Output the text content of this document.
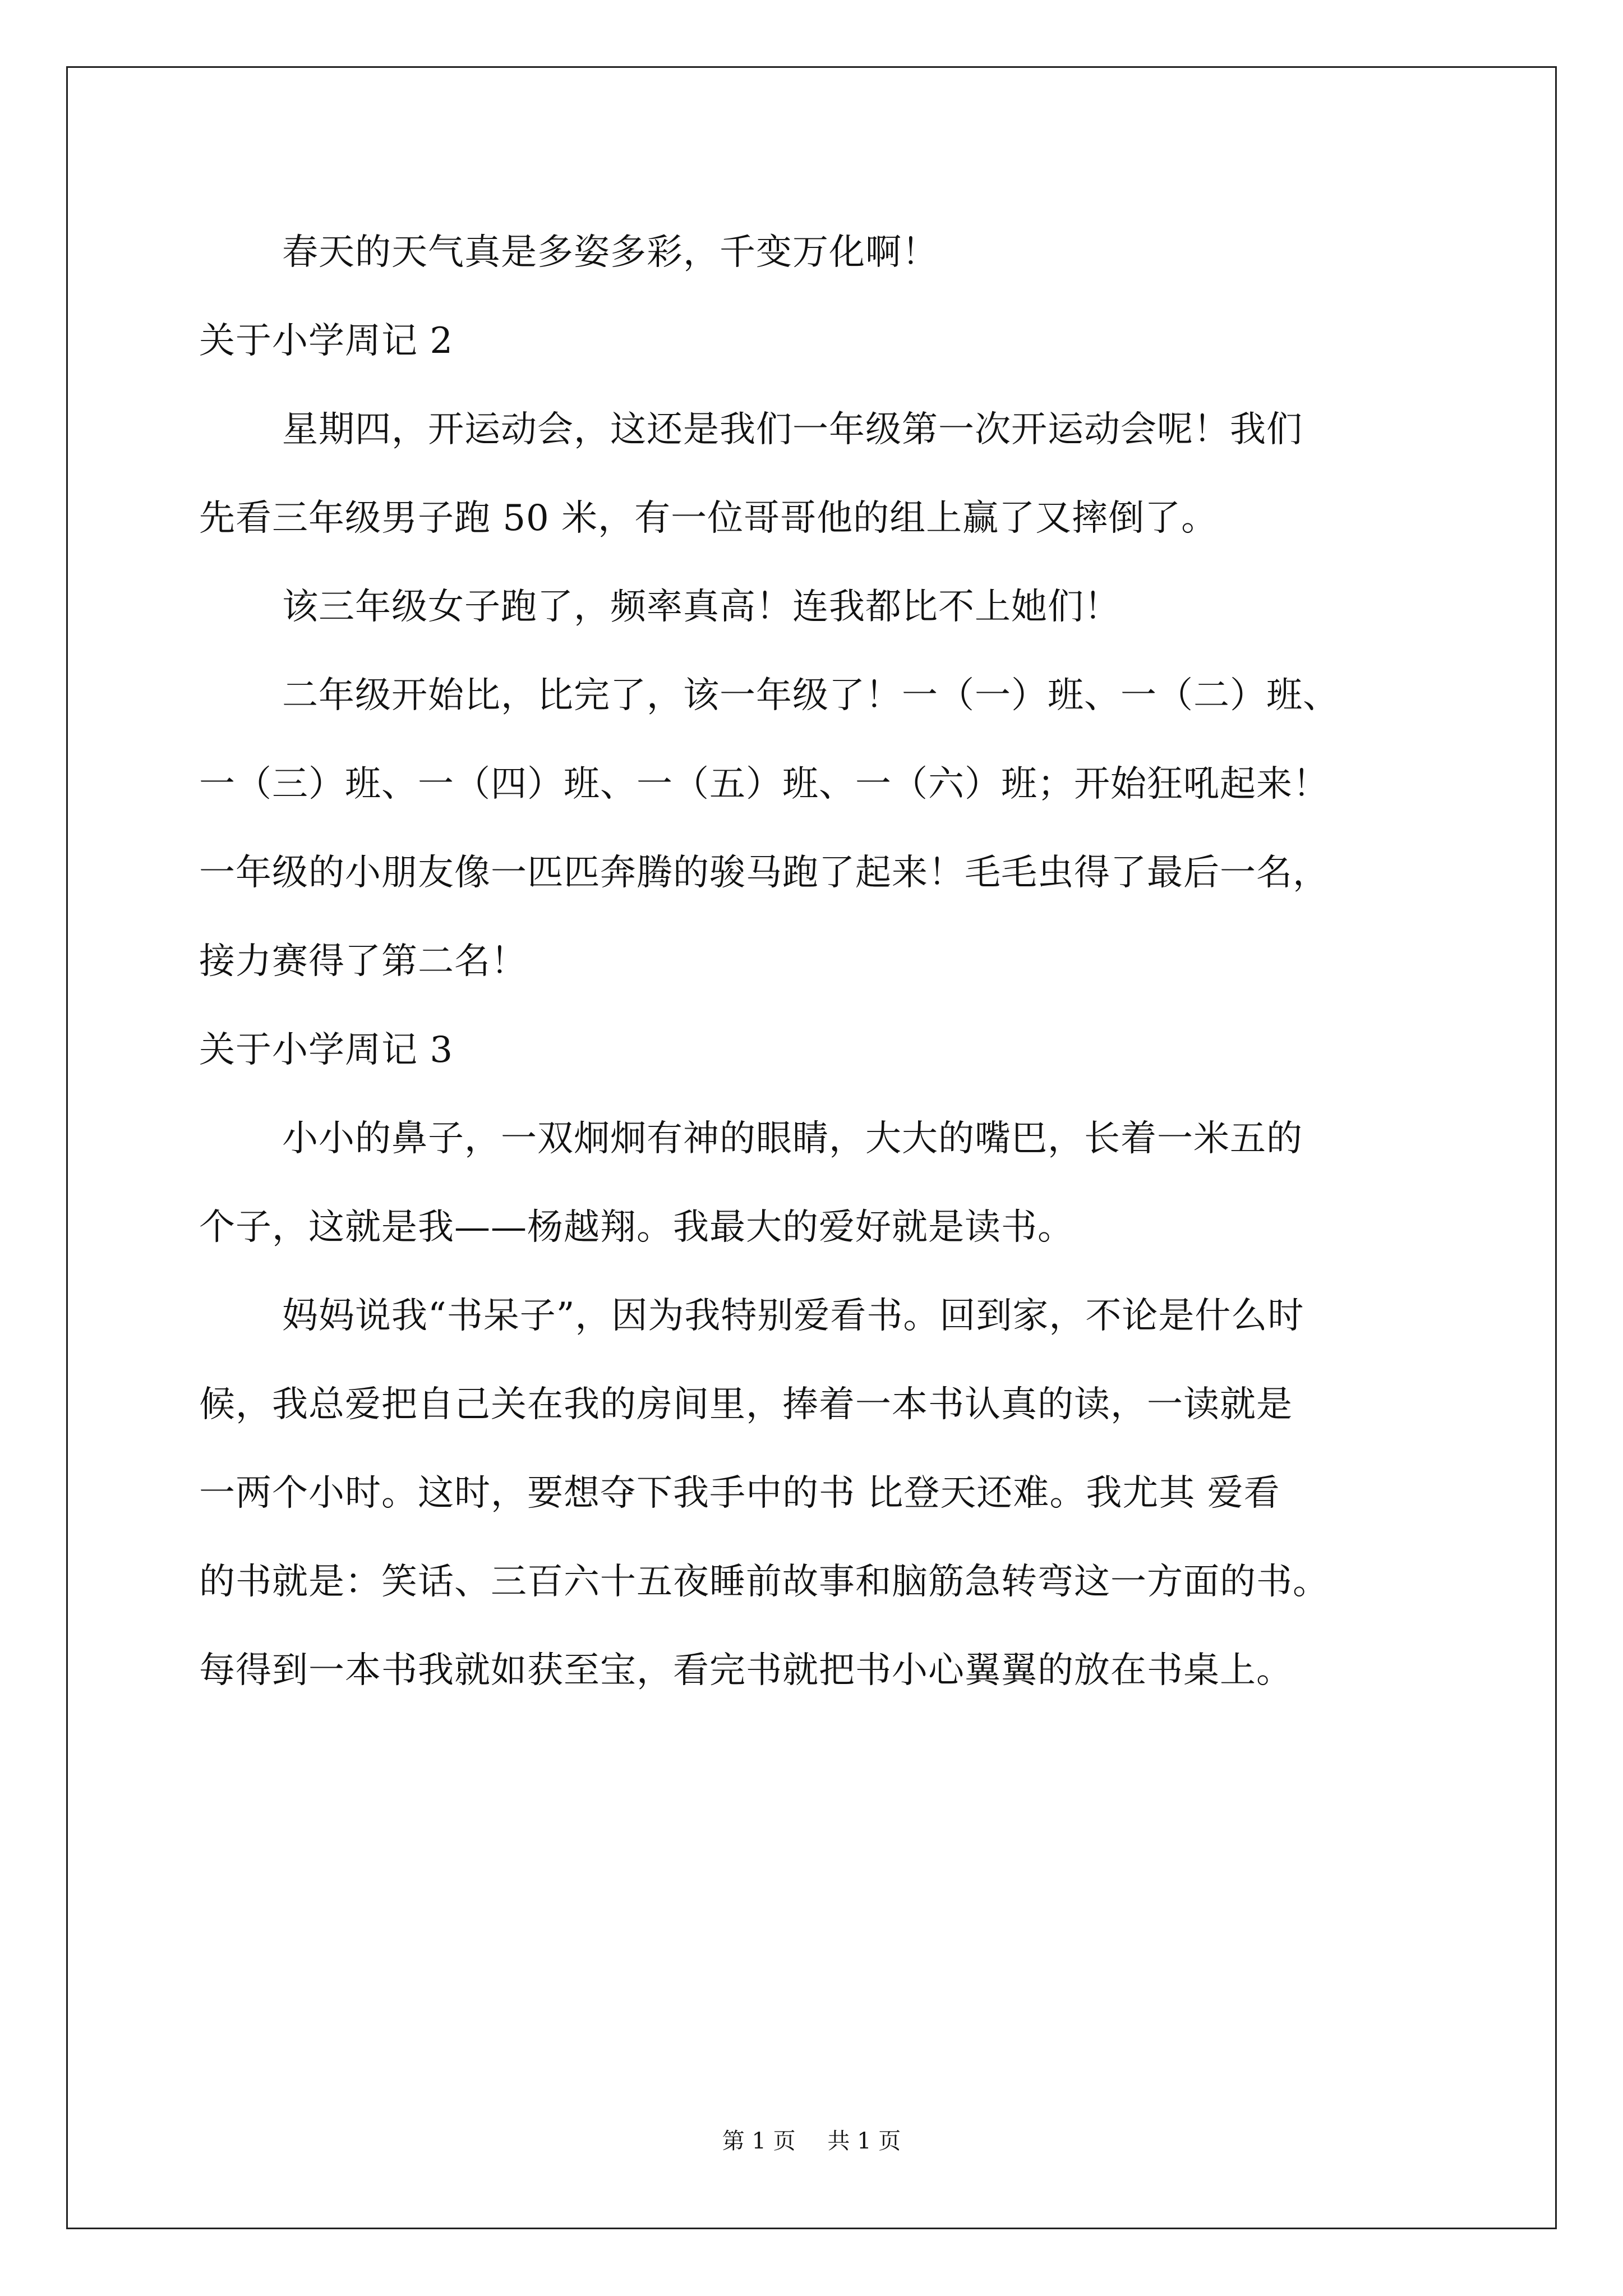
春天的天气真是多姿多彩，千变万化啊！
关于小学周记 2
星期四，开运动会，这还是我们一年级第一次开运动会呢！我们
先看三年级男子跑 50 米，有一位哥哥他的组上赢了又摔倒了。
该三年级女子跑了，频率真高！连我都比不上她们！
二年级开始比，比完了，该一年级了！一（一）班、一（二）班、
一（三）班、一（四）班、一（五）班、一（六）班；开始狂吼起来！
一年级的小朋友像一匹匹奔腾的骏马跑了起来！毛毛虫得了最后一名，
接力赛得了第二名！
关于小学周记 3
小小的鼻子，一双炯炯有神的眼睛，大大的嘴巴，长着一米五的
个子，这就是我——杨越翔。我最大的爱好就是读书。
妈妈说我“书呆子”，因为我特别爱看书。回到家，不论是什么时
候，我总爱把自己关在我的房间里，捧着一本书认真的读，一读就是
一两个小时。这时，要想夺下我手中的书 比登天还难。我尤其 爱看
的书就是：笑话、三百六十五夜睡前故事和脑筋急转弯这一方面的书。
每得到一本书我就如获至宝，看完书就把书小心翼翼的放在书桌上。
第 1 页 共 1 页
